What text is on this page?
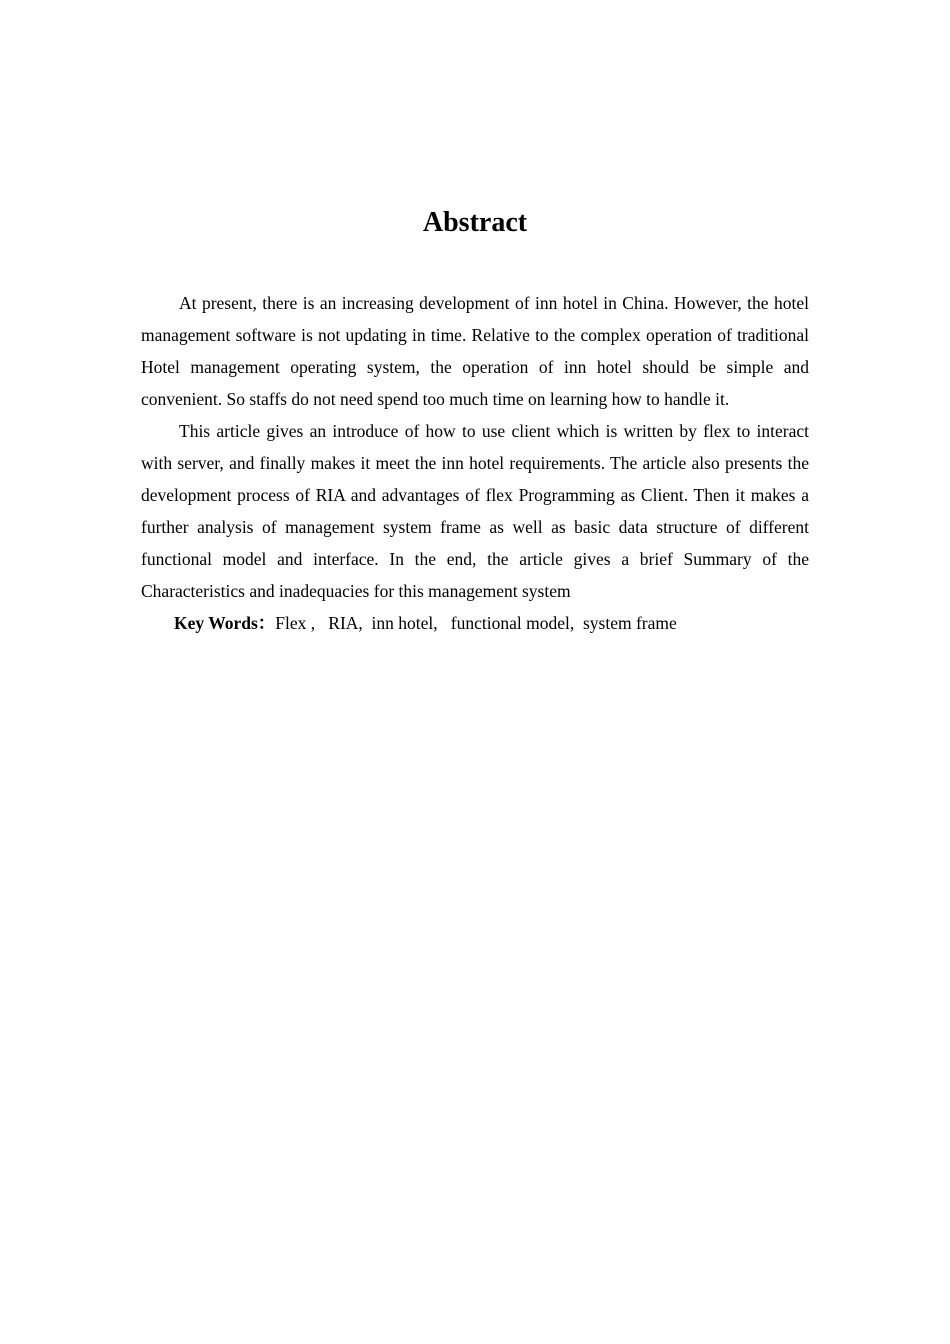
Abstract

At present, there is an increasing development of inn hotel in China. However, the hotel management software is not updating in time. Relative to the complex operation of traditional Hotel management operating system, the operation of inn hotel should be simple and convenient. So staffs do not need spend too much time on learning how to handle it.

This article gives an introduce of how to use client which is written by flex to interact with server, and finally makes it meet the inn hotel requirements. The article also presents the development process of RIA and advantages of flex Programming as Client. Then it makes a further analysis of management system frame as well as basic data structure of different functional model and interface. In the end, the article gives a brief Summary of the Characteristics and inadequacies for this management system

Key Words：Flex ,   RIA,  inn hotel,   functional model,  system frame
